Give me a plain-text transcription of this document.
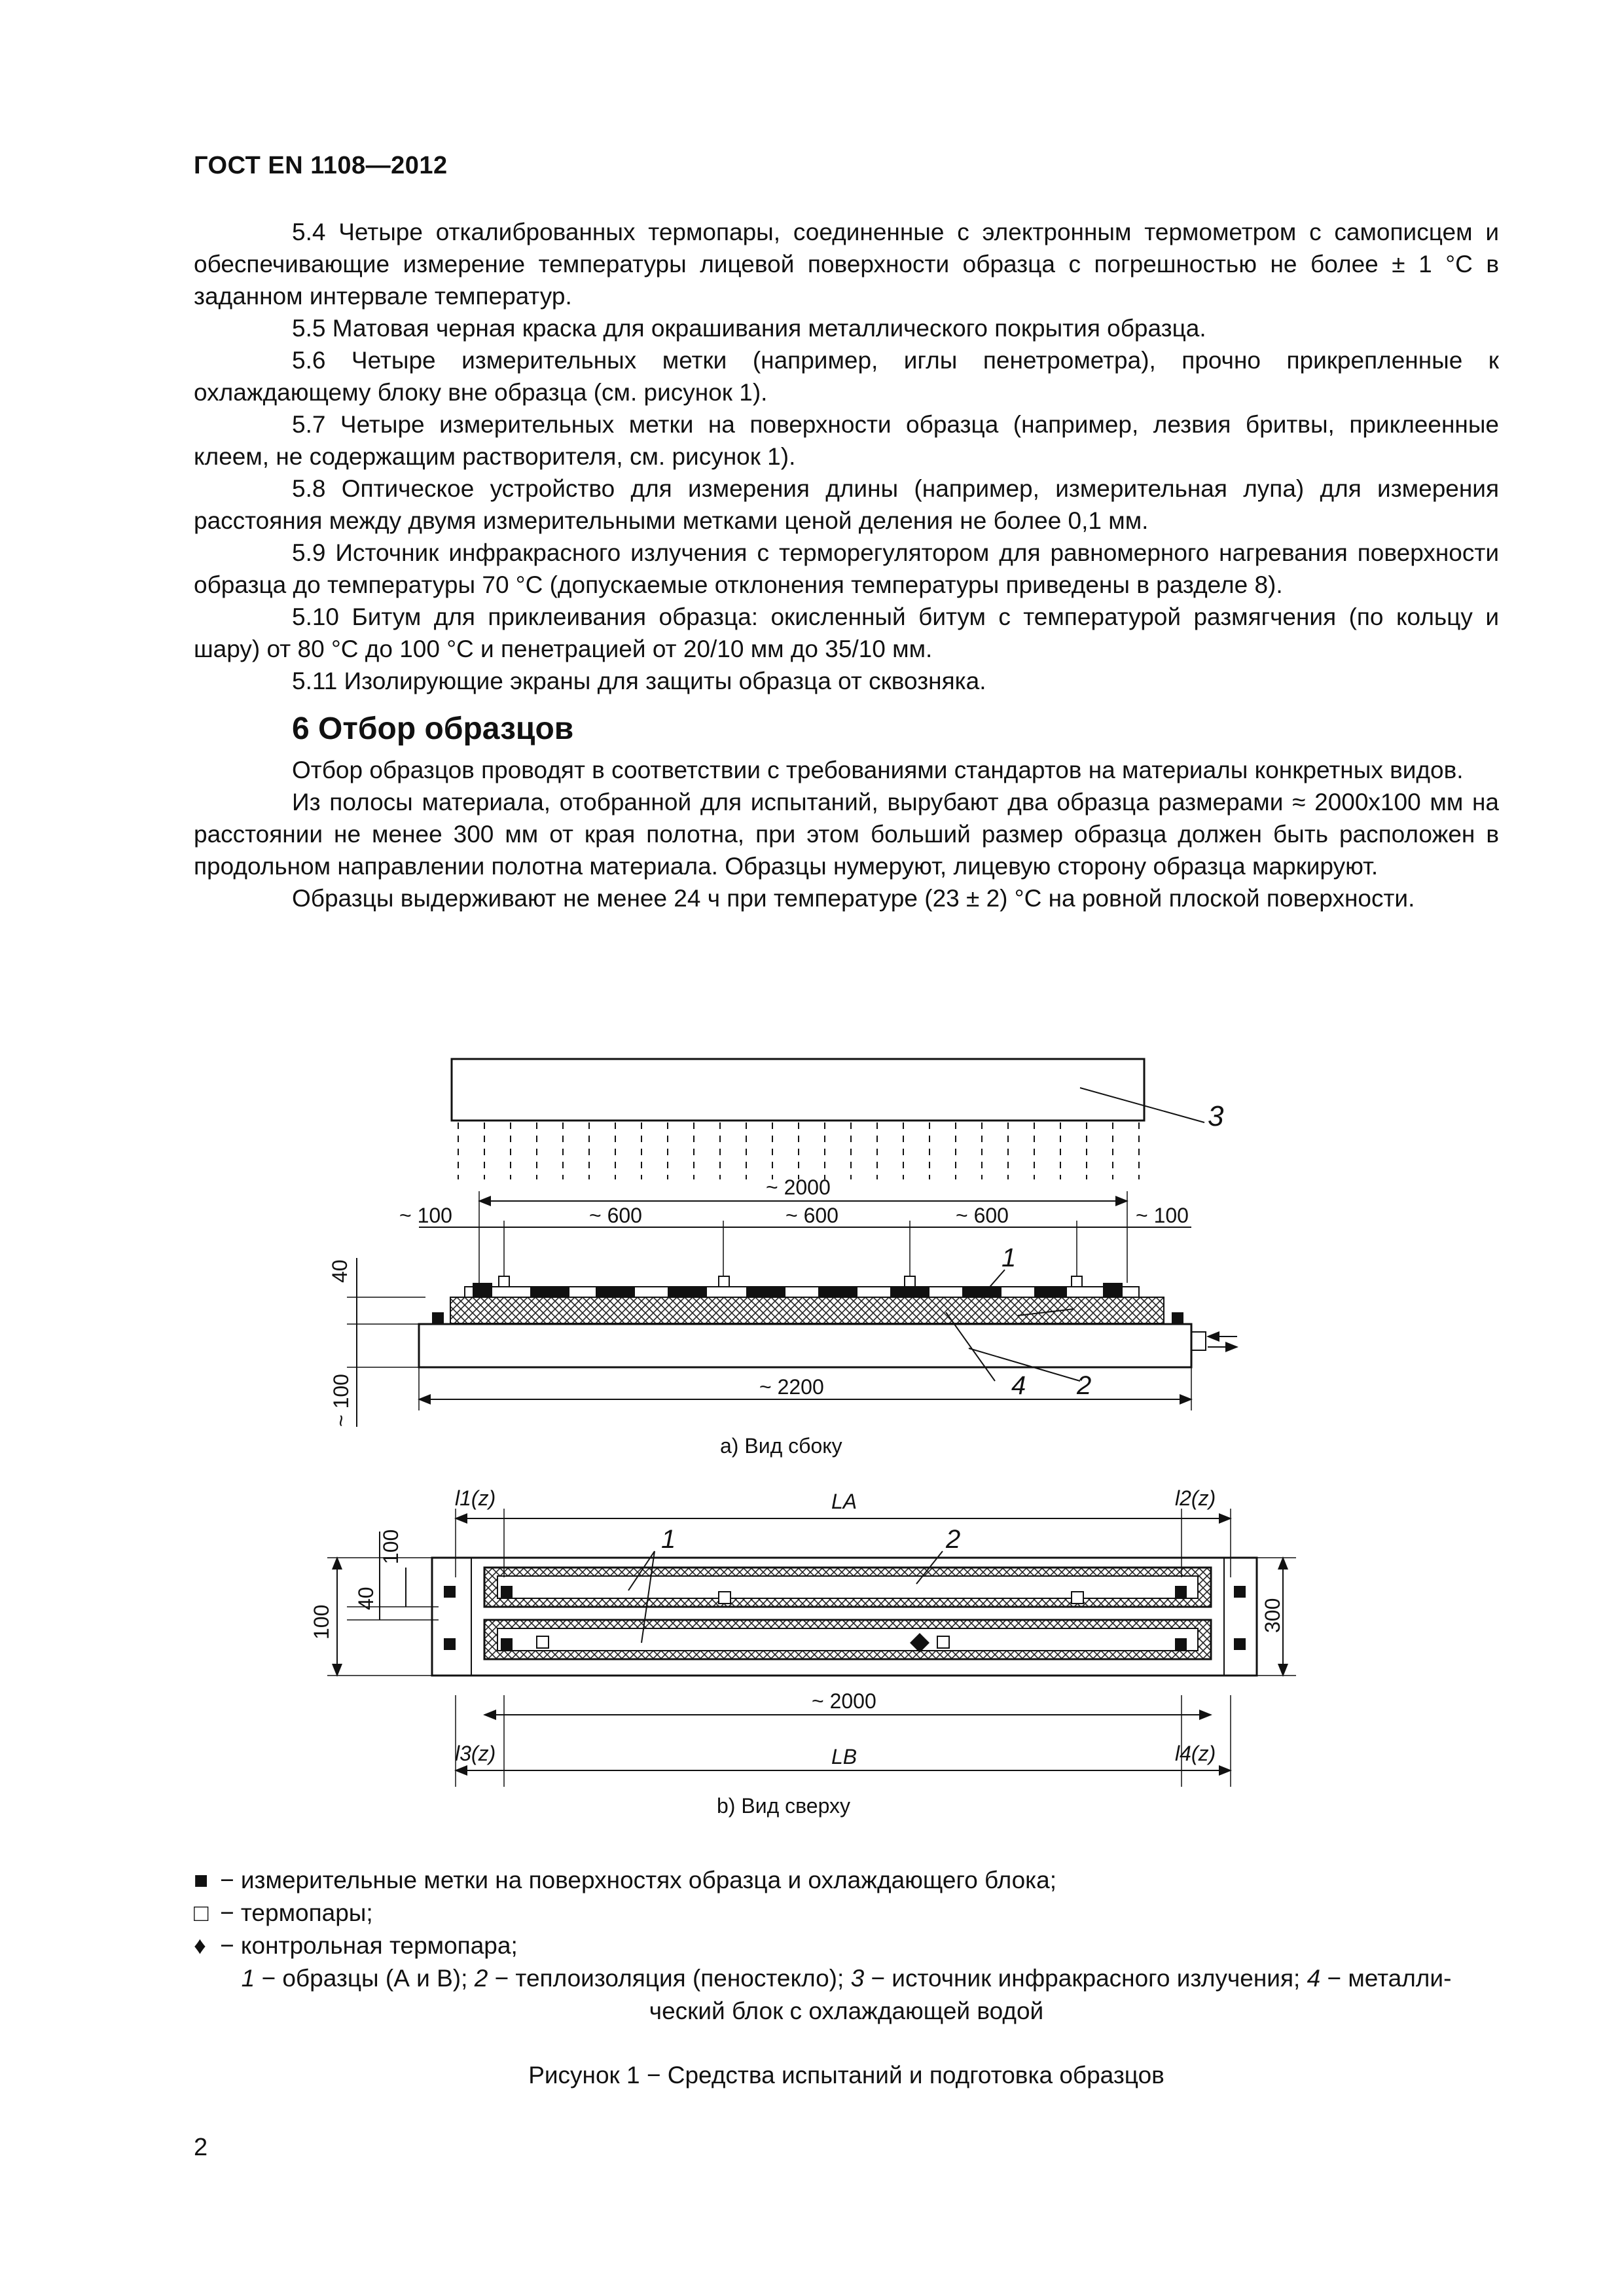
ГОСТ EN 1108—2012

5.4 Четыре откалиброванных термопары, соединенные с электронным термометром с самописцем и обеспечивающие измерение температуры лицевой поверхности образца с погрешностью не более ± 1 °С в заданном интервале температур.

5.5 Матовая черная краска для окрашивания металлического покрытия образца.

5.6 Четыре измерительных метки (например, иглы пенетрометра), прочно прикрепленные к охлаждающему блоку вне образца (см. рисунок 1).

5.7 Четыре измерительных метки на поверхности образца (например, лезвия бритвы, приклеенные клеем, не содержащим растворителя, см. рисунок 1).

5.8 Оптическое устройство для измерения длины (например, измерительная лупа) для измерения расстояния между двумя измерительными метками ценой деления не более 0,1 мм.

5.9 Источник инфракрасного излучения с терморегулятором для равномерного нагревания поверхности образца до температуры 70 °С (допускаемые отклонения температуры приведены в разделе 8).

5.10 Битум для приклеивания образца: окисленный битум с температурой размягчения (по кольцу и шару) от 80 °С до 100 °С и пенетрацией от 20/10 мм до 35/10 мм.

5.11 Изолирующие экраны для защиты образца от сквозняка.

6 Отбор образцов

Отбор образцов проводят в соответствии с требованиями стандартов на материалы конкретных видов.

Из полосы материала, отобранной для испытаний, вырубают два образца размерами ≈ 2000х100 мм на расстоянии не менее 300 мм от края полотна, при этом больший размер образца должен быть расположен в продольном направлении полотна материала. Образцы нумеруют, лицевую сторону образца маркируют.

Образцы выдерживают не менее 24 ч при температуре (23 ± 2) °С на ровной плоской поверхности.

~ 2000
~ 100	~ 600	~ 600	~ 600	~ 100
~ 2200
40
~ 100
1
2
3
4
a) Вид сбоку
l1(z)	l2(z)
LA
~ 2000
l3(z)	l4(z)
LB
100
40
100
300
1	2
b) Вид сверху
■ − измерительные метки на поверхностях образца и охлаждающего блока;
□ − термопары;
♦ − контрольная термопара;
1 − образцы (А и В); 2 − теплоизоляция (пеностекло); 3 − источник инфракрасного излучения; 4 − металли-
ческий блок с охлаждающей водой
Рисунок 1 − Средства испытаний и подготовка образцов
2
